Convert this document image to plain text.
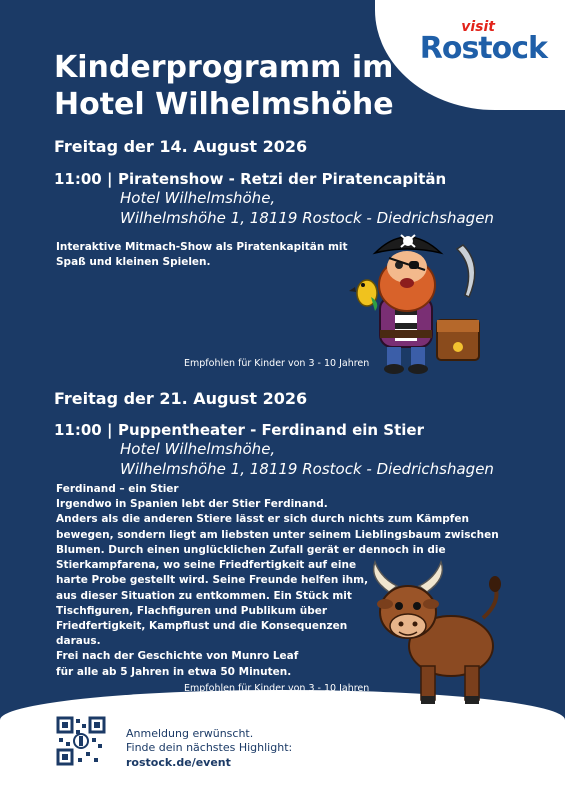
visit
Rostock
Kinderprogramm im Hotel Wilhelmshöhe
Freitag der 14. August 2026
11:00 | Piratenshow - Retzi der Piratencapitän
Hotel Wilhelmshöhe,
Wilhelmshöhe 1, 18119 Rostock - Diedrichshagen

Interaktive Mitmach-Show als Piratenkapitän mit
Spaß und kleinen Spielen.

Empfohlen für Kinder von 3 - 10 Jahren
Freitag der 21. August 2026
11:00 | Puppentheater - Ferdinand ein Stier
Hotel Wilhelmshöhe,
Wilhelmshöhe 1, 18119 Rostock - Diedrichshagen

Ferdinand – ein Stier
Irgendwo in Spanien lebt der Stier Ferdinand.
Anders als die anderen Stiere lässt er sich durch nichts zum Kämpfen
bewegen, sondern liegt am liebsten unter seinem Lieblingsbaum zwischen
Blumen. Durch einen unglücklichen Zufall gerät er dennoch in die
Stierkampfarena, wo seine Friedfertigkeit auf eine
harte Probe gestellt wird. Seine Freunde helfen ihm,
aus dieser Situation zu entkommen. Ein Stück mit
Tischfiguren, Flachfiguren und Publikum über
Friedfertigkeit, Kampflust und die Konsequenzen
daraus.
Frei nach der Geschichte von Munro Leaf
für alle ab 5 Jahren in etwa 50 Minuten.

Empfohlen für Kinder von 3 - 10 Jahren
Anmeldung erwünscht.
Finde dein nächstes Highlight:
rostock.de/event
